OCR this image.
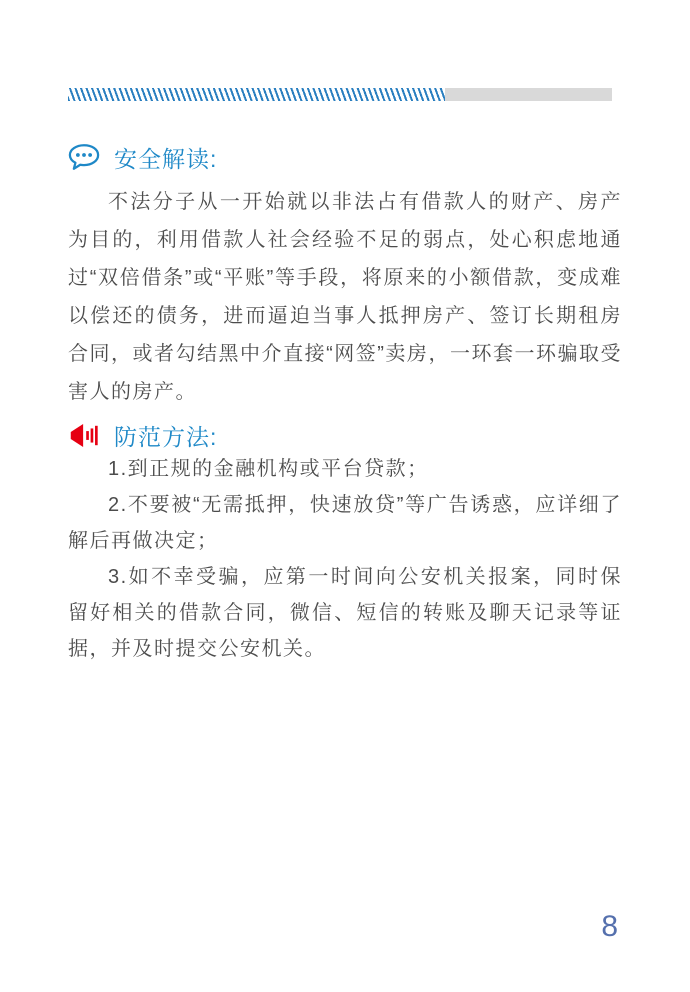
安全解读:

不法分子从一开始就以非法占有借款人的财产、房产为目的，利用借款人社会经验不足的弱点，处心积虑地通过“双倍借条”或“平账”等手段，将原来的小额借款，变成难以偿还的债务，进而逼迫当事人抵押房产、签订长期租房合同，或者勾结黑中介直接“网签”卖房，一环套一环骗取受害人的房产。

防范方法:

1.到正规的金融机构或平台贷款；

2.不要被“无需抵押，快速放贷”等广告诱惑，应详细了解后再做决定；

3.如不幸受骗，应第一时间向公安机关报案，同时保留好相关的借款合同，微信、短信的转账及聊天记录等证据，并及时提交公安机关。

8
